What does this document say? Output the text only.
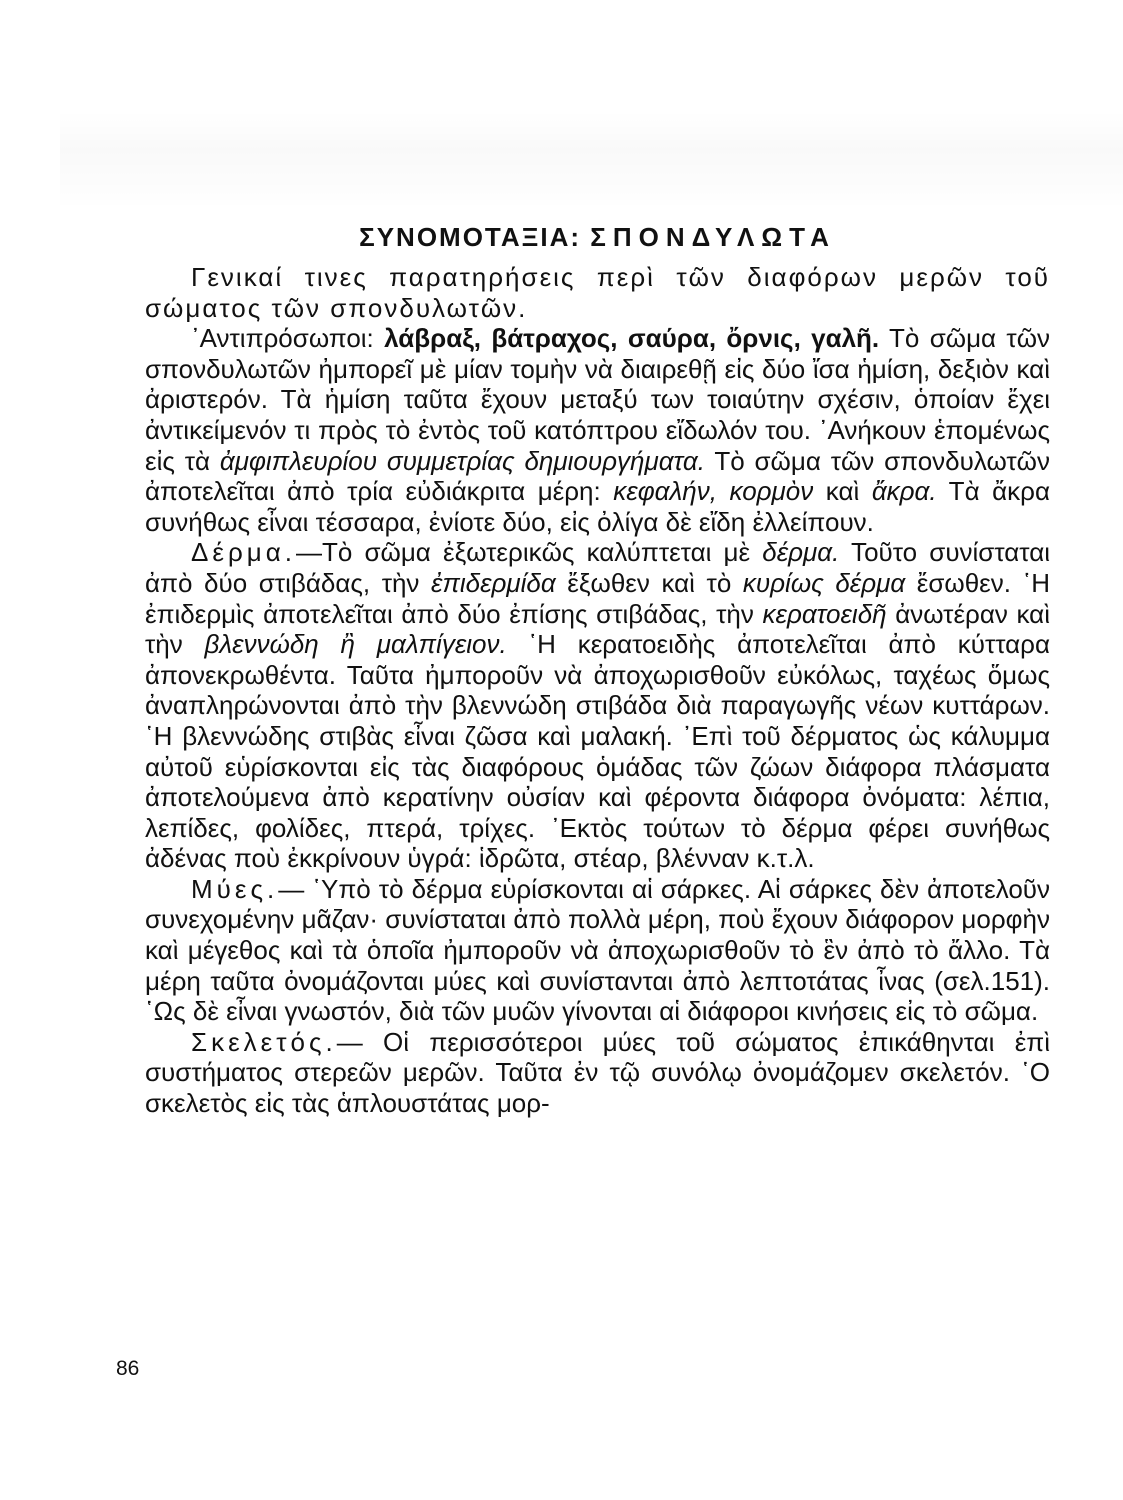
ΣΥΝΟΜΟΤΑΞΙΑ: ΣΠΟΝΔΥΛΩΤΑ

Γενικαί τινες παρατηρήσεις περὶ τῶν διαφόρων μερῶν τοῦ σώματος τῶν σπονδυλωτῶν.

᾿Αντιπρόσωποι: λάβραξ, βάτραχος, σαύρα, ὄρνις, γαλῆ. Τὸ σῶμα τῶν σπονδυλωτῶν ἠμπορεῖ μὲ μίαν τομὴν νὰ διαιρεθῇ εἰς δύο ἴσα ἡμίση, δεξιὸν καὶ ἀριστερόν. Τὰ ἡμίση ταῦτα ἔχουν μεταξύ των τοιαύτην σχέσιν, ὁποίαν ἔχει ἀντικείμενόν τι πρὸς τὸ ἐντὸς τοῦ κατόπτρου εἴδωλόν του. ᾿Ανήκουν ἑπομένως εἰς τὰ ἀμφιπλευρίου συμμετρίας δημιουργήματα. Τὸ σῶμα τῶν σπονδυλωτῶν ἀποτελεῖται ἀπὸ τρία εὐδιάκριτα μέρη: κεφαλήν, κορμὸν καὶ ἄκρα. Τὰ ἄκρα συνήθως εἶναι τέσσαρα, ἐνίοτε δύο, εἰς ὀλίγα δὲ εἴδη ἐλλείπουν.

Δέρμα.—Τὸ σῶμα ἐξωτερικῶς καλύπτεται μὲ δέρμα. Τοῦτο συνίσταται ἀπὸ δύο στιβάδας, τὴν ἐπιδερμίδα ἔξωθεν καὶ τὸ κυρίως δέρμα ἔσωθεν. ῾Η ἐπιδερμὶς ἀποτελεῖται ἀπὸ δύο ἐπίσης στιβάδας, τὴν κερατοειδῆ ἀνωτέραν καὶ τὴν βλεννώδη ἢ μαλπίγειον. ῾Η κερατοειδὴς ἀποτελεῖται ἀπὸ κύτταρα ἀπονεκρωθέντα. Ταῦτα ἠμποροῦν νὰ ἀποχωρισθοῦν εὐκόλως, ταχέως ὅμως ἀναπληρώνονται ἀπὸ τὴν βλεννώδη στιβάδα διὰ παραγωγῆς νέων κυττάρων. ῾Η βλεννώδης στιβὰς εἶναι ζῶσα καὶ μαλακή. ᾿Επὶ τοῦ δέρματος ὡς κάλυμμα αὐτοῦ εὑρίσκονται εἰς τὰς διαφόρους ὁμάδας τῶν ζώων διάφορα πλάσματα ἀποτελούμενα ἀπὸ κερατίνην οὐσίαν καὶ φέροντα διάφορα ὀνόματα: λέπια, λεπίδες, φολίδες, πτερά, τρίχες. ᾿Εκτὸς τούτων τὸ δέρμα φέρει συνήθως ἀδένας ποὺ ἐκκρίνουν ὑγρά: ἱδρῶτα, στέαρ, βλένναν κ.τ.λ.

Μύες.— ῾Υπὸ τὸ δέρμα εὑρίσκονται αἱ σάρκες. Αἱ σάρκες δὲν ἀποτελοῦν συνεχομένην μᾶζαν· συνίσταται ἀπὸ πολλὰ μέρη, ποὺ ἔχουν διάφορον μορφὴν καὶ μέγεθος καὶ τὰ ὁποῖα ἠμποροῦν νὰ ἀποχωρισθοῦν τὸ ἓν ἀπὸ τὸ ἄλλο. Τὰ μέρη ταῦτα ὀνομάζονται μύες καὶ συνίστανται ἀπὸ λεπτοτάτας ἶνας (σελ.151). ῾Ως δὲ εἶναι γνωστόν, διὰ τῶν μυῶν γίνονται αἱ διάφοροι κινήσεις εἰς τὸ σῶμα.

Σκελετός.— Οἱ περισσότεροι μύες τοῦ σώματος ἐπικάθηνται ἐπὶ συστήματος στερεῶν μερῶν. Ταῦτα ἐν τῷ συνόλῳ ὀνομάζομεν σκελετόν. ῾Ο σκελετὸς εἰς τὰς ἁπλουστάτας μορ-

86
